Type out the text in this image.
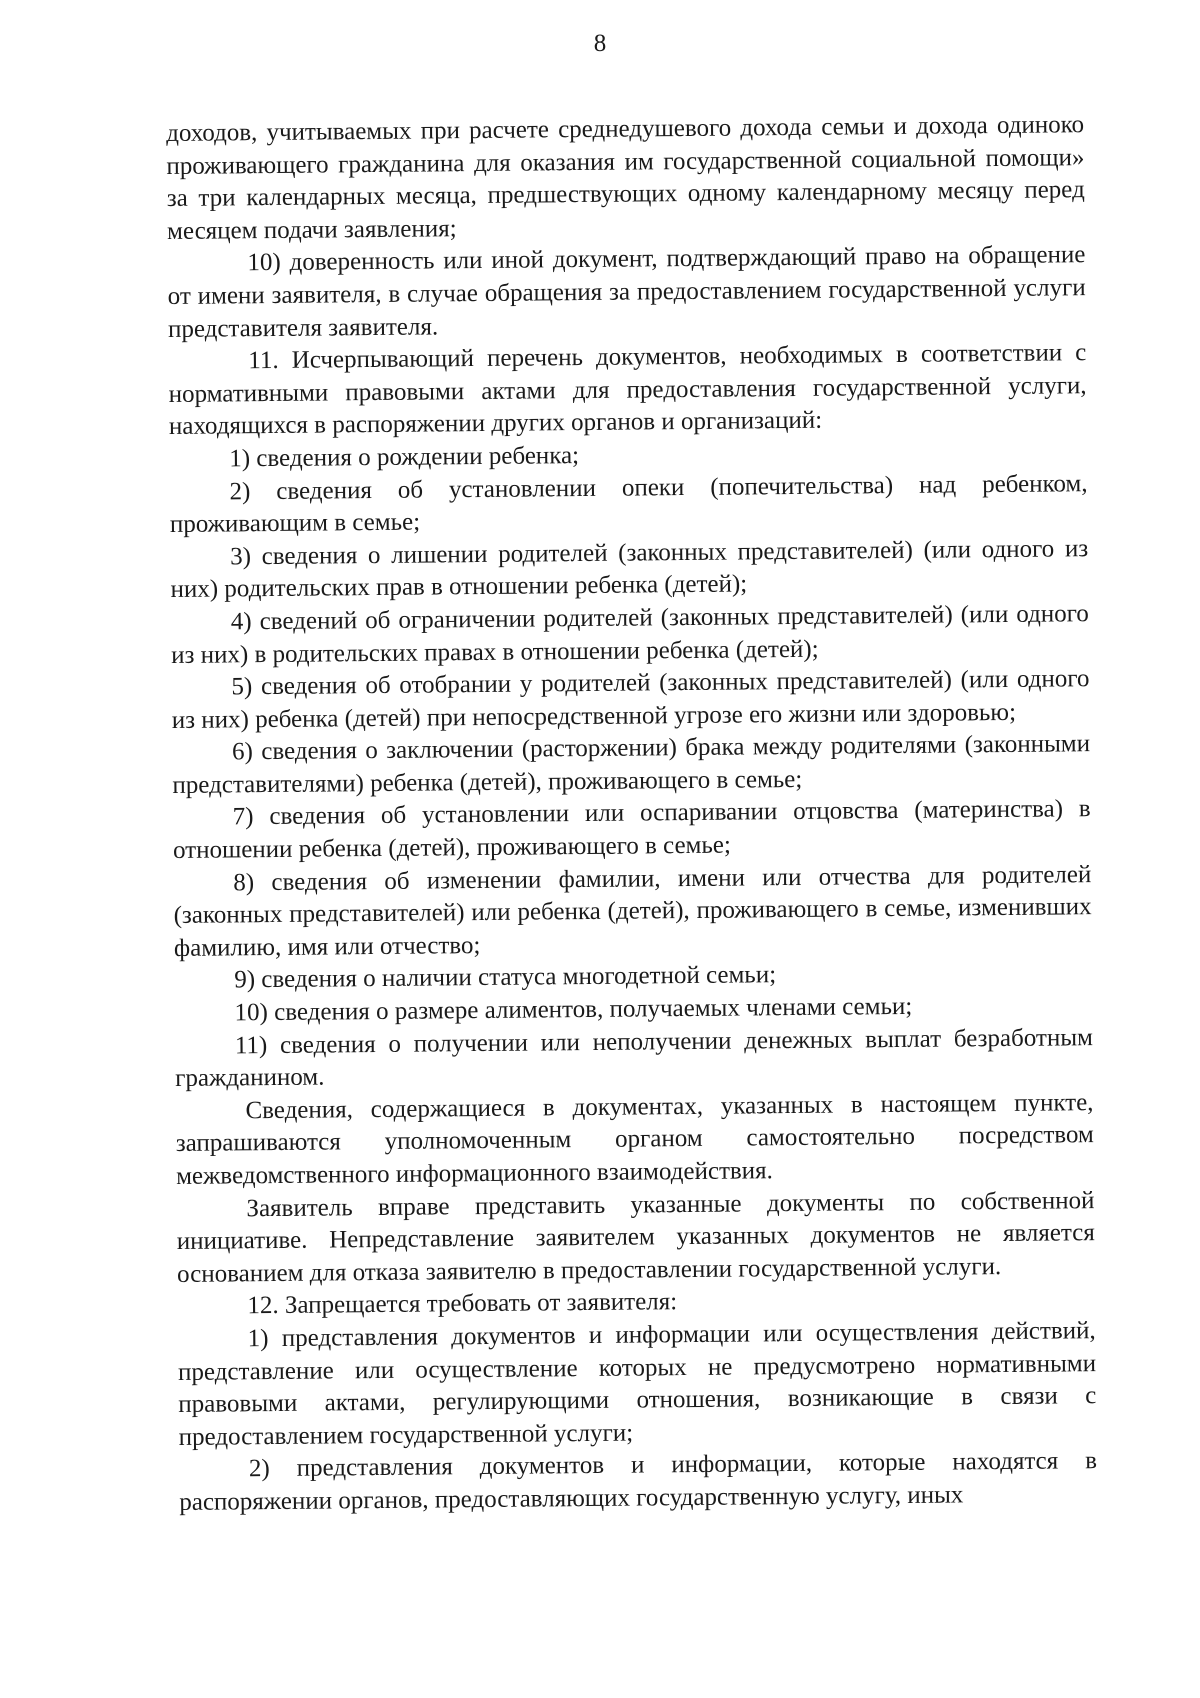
8

доходов, учитываемых при расчете среднедушевого дохода семьи и дохода одиноко проживающего гражданина для оказания им государственной социальной помощи» за три календарных месяца, предшествующих одному календарному месяцу перед месяцем подачи заявления;

10) доверенность или иной документ, подтверждающий право на обращение от имени заявителя, в случае обращения за предоставлением государственной услуги представителя заявителя.

11. Исчерпывающий перечень документов, необходимых в соответствии с нормативными правовыми актами для предоставления государственной услуги, находящихся в распоряжении других органов и организаций:

1) сведения о рождении ребенка;

2) сведения об установлении опеки (попечительства) над ребенком, проживающим в семье;

3) сведения о лишении родителей (законных представителей) (или одного из них) родительских прав в отношении ребенка (детей);

4) сведений об ограничении родителей (законных представителей) (или одного из них) в родительских правах в отношении ребенка (детей);

5) сведения об отобрании у родителей (законных представителей) (или одного из них) ребенка (детей) при непосредственной угрозе его жизни или здоровью;

6) сведения о заключении (расторжении) брака между родителями (законными представителями) ребенка (детей), проживающего в семье;

7) сведения об установлении или оспаривании отцовства (материнства) в отношении ребенка (детей), проживающего в семье;

8) сведения об изменении фамилии, имени или отчества для родителей (законных представителей) или ребенка (детей), проживающего в семье, изменивших фамилию, имя или отчество;

9) сведения о наличии статуса многодетной семьи;

10) сведения о размере алиментов, получаемых членами семьи;

11) сведения о получении или неполучении денежных выплат безработным гражданином.

Сведения, содержащиеся в документах, указанных в настоящем пункте, запрашиваются уполномоченным органом самостоятельно посредством межведомственного информационного взаимодействия.

Заявитель вправе представить указанные документы по собственной инициативе. Непредставление заявителем указанных документов не является основанием для отказа заявителю в предоставлении государственной услуги.

12. Запрещается требовать от заявителя:

1) представления документов и информации или осуществления действий, представление или осуществление которых не предусмотрено нормативными правовыми актами, регулирующими отношения, возникающие в связи с предоставлением государственной услуги;

2) представления документов и информации, которые находятся в распоряжении органов, предоставляющих государственную услугу, иных
